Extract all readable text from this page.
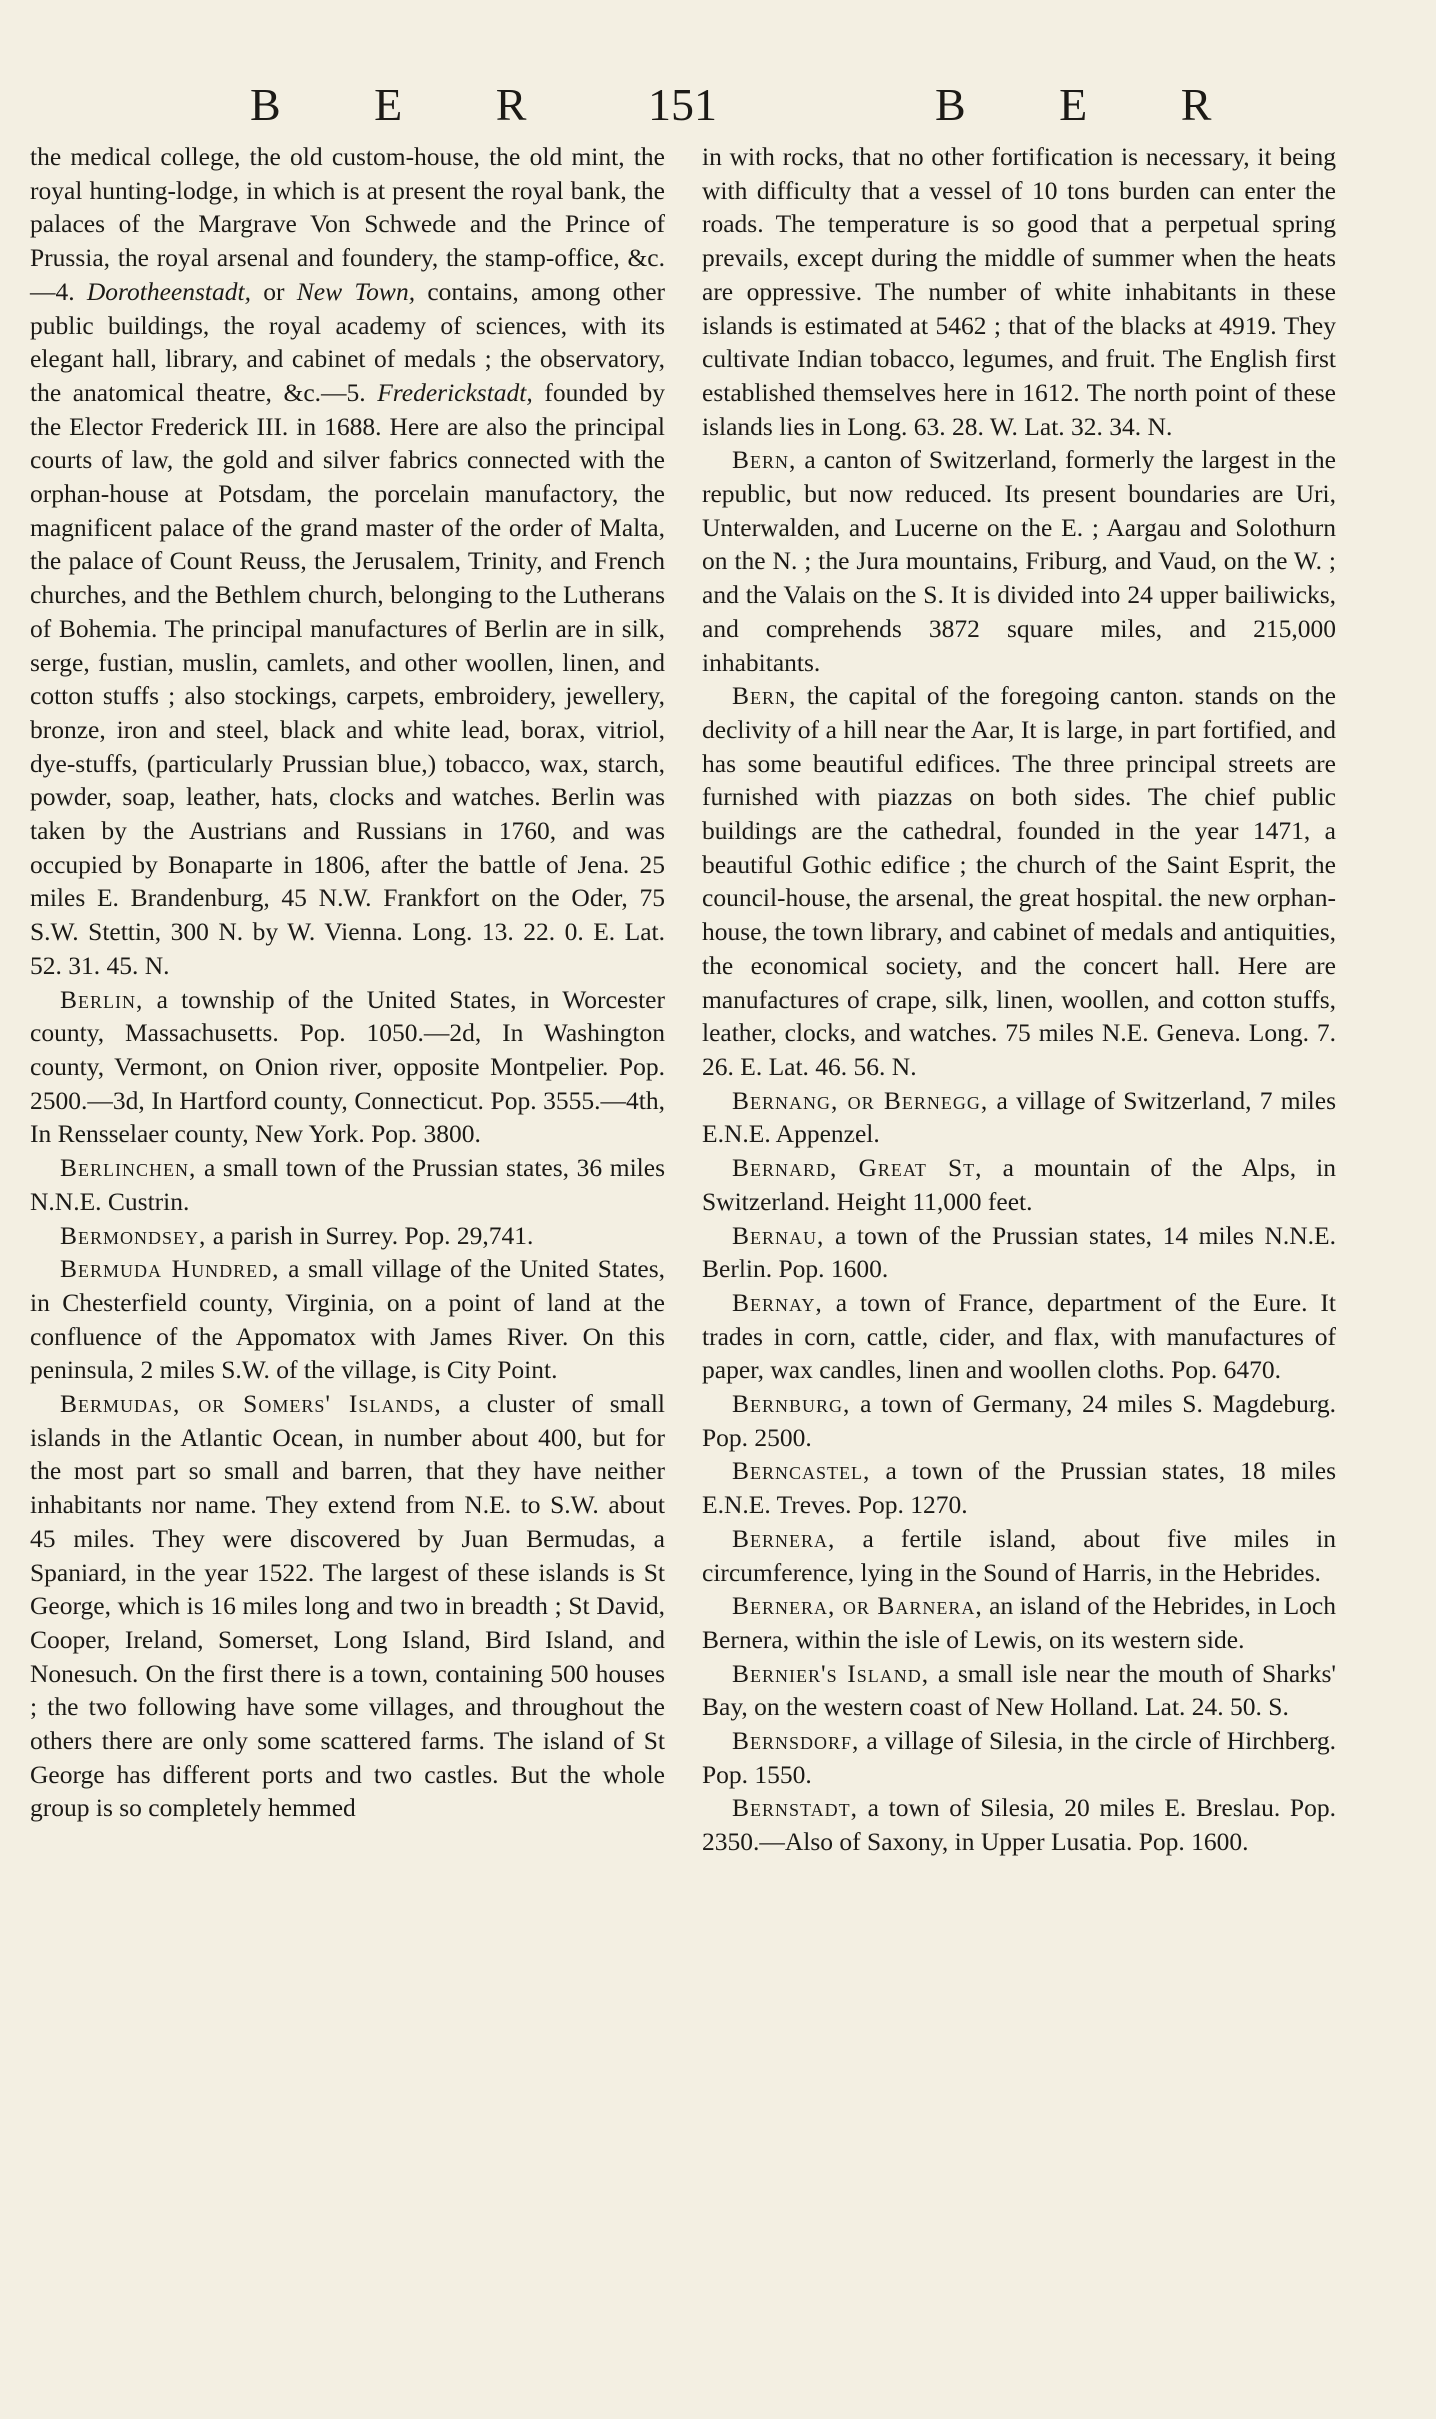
B E R 151	B E R

the medical college, the old custom-house, the old mint, the royal hunting-lodge, in which is at present the royal bank, the palaces of the Margrave Von Schwede and the Prince of Prussia, the royal arsenal and foundery, the stamp-office, &c.—4. Dorotheenstadt, or New Town, contains, among other public buildings, the royal academy of sciences, with its elegant hall, library, and cabinet of medals ; the observatory, the anatomical theatre, &c.—5. Frederickstadt, founded by the Elector Frederick III. in 1688. Here are also the principal courts of law, the gold and silver fabrics connected with the orphan-house at Potsdam, the porcelain manufactory, the magnificent palace of the grand master of the order of Malta, the palace of Count Reuss, the Jerusalem, Trinity, and French churches, and the Bethlem church, belonging to the Lutherans of Bohemia. The principal manufactures of Berlin are in silk, serge, fustian, muslin, camlets, and other woollen, linen, and cotton stuffs ; also stockings, carpets, embroidery, jewellery, bronze, iron and steel, black and white lead, borax, vitriol, dye-stuffs, (particularly Prussian blue,) tobacco, wax, starch, powder, soap, leather, hats, clocks and watches. Berlin was taken by the Austrians and Russians in 1760, and was occupied by Bonaparte in 1806, after the battle of Jena. 25 miles E. Brandenburg, 45 N.W. Frankfort on the Oder, 75 S.W. Stettin, 300 N. by W. Vienna. Long. 13. 22. 0. E. Lat. 52. 31. 45. N.

Berlin, a township of the United States, in Worcester county, Massachusetts. Pop. 1050.—2d, In Washington county, Vermont, on Onion river, opposite Montpelier. Pop. 2500.—3d, In Hartford county, Connecticut. Pop. 3555.—4th, In Rensselaer county, New York. Pop. 3800.

Berlinchen, a small town of the Prussian states, 36 miles N.N.E. Custrin.

Bermondsey, a parish in Surrey. Pop. 29,741.

Bermuda Hundred, a small village of the United States, in Chesterfield county, Virginia, on a point of land at the confluence of the Appomatox with James River. On this peninsula, 2 miles S.W. of the village, is City Point.

Bermudas, or Somers' Islands, a cluster of small islands in the Atlantic Ocean, in number about 400, but for the most part so small and barren, that they have neither inhabitants nor name. They extend from N.E. to S.W. about 45 miles. They were discovered by Juan Bermudas, a Spaniard, in the year 1522. The largest of these islands is St George, which is 16 miles long and two in breadth ; St David, Cooper, Ireland, Somerset, Long Island, Bird Island, and Nonesuch. On the first there is a town, containing 500 houses ; the two following have some villages, and throughout the others there are only some scattered farms. The island of St George has different ports and two castles. But the whole group is so completely hemmed

in with rocks, that no other fortification is necessary, it being with difficulty that a vessel of 10 tons burden can enter the roads. The temperature is so good that a perpetual spring prevails, except during the middle of summer when the heats are oppressive. The number of white inhabitants in these islands is estimated at 5462 ; that of the blacks at 4919. They cultivate Indian tobacco, legumes, and fruit. The English first established themselves here in 1612. The north point of these islands lies in Long. 63. 28. W. Lat. 32. 34. N.

Bern, a canton of Switzerland, formerly the largest in the republic, but now reduced. Its present boundaries are Uri, Unterwalden, and Lucerne on the E. ; Aargau and Solothurn on the N. ; the Jura mountains, Friburg, and Vaud, on the W. ; and the Valais on the S. It is divided into 24 upper bailiwicks, and comprehends 3872 square miles, and 215,000 inhabitants.

Bern, the capital of the foregoing canton. stands on the declivity of a hill near the Aar, It is large, in part fortified, and has some beautiful edifices. The three principal streets are furnished with piazzas on both sides. The chief public buildings are the cathedral, founded in the year 1471, a beautiful Gothic edifice ; the church of the Saint Esprit, the council-house, the arsenal, the great hospital. the new orphan-house, the town library, and cabinet of medals and antiquities, the economical society, and the concert hall. Here are manufactures of crape, silk, linen, woollen, and cotton stuffs, leather, clocks, and watches. 75 miles N.E. Geneva. Long. 7. 26. E. Lat. 46. 56. N.

Bernang, or Bernegg, a village of Switzerland, 7 miles E.N.E. Appenzel.

Bernard, Great St, a mountain of the Alps, in Switzerland. Height 11,000 feet.

Bernau, a town of the Prussian states, 14 miles N.N.E. Berlin. Pop. 1600.

Bernay, a town of France, department of the Eure. It trades in corn, cattle, cider, and flax, with manufactures of paper, wax candles, linen and woollen cloths. Pop. 6470.

Bernburg, a town of Germany, 24 miles S. Magdeburg. Pop. 2500.

Berncastel, a town of the Prussian states, 18 miles E.N.E. Treves. Pop. 1270.

Bernera, a fertile island, about five miles in circumference, lying in the Sound of Harris, in the Hebrides.

Bernera, or Barnera, an island of the Hebrides, in Loch Bernera, within the isle of Lewis, on its western side.

Bernier's Island, a small isle near the mouth of Sharks' Bay, on the western coast of New Holland. Lat. 24. 50. S.

Bernsdorf, a village of Silesia, in the circle of Hirchberg. Pop. 1550.

Bernstadt, a town of Silesia, 20 miles E. Breslau. Pop. 2350.—Also of Saxony, in Upper Lusatia. Pop. 1600.
